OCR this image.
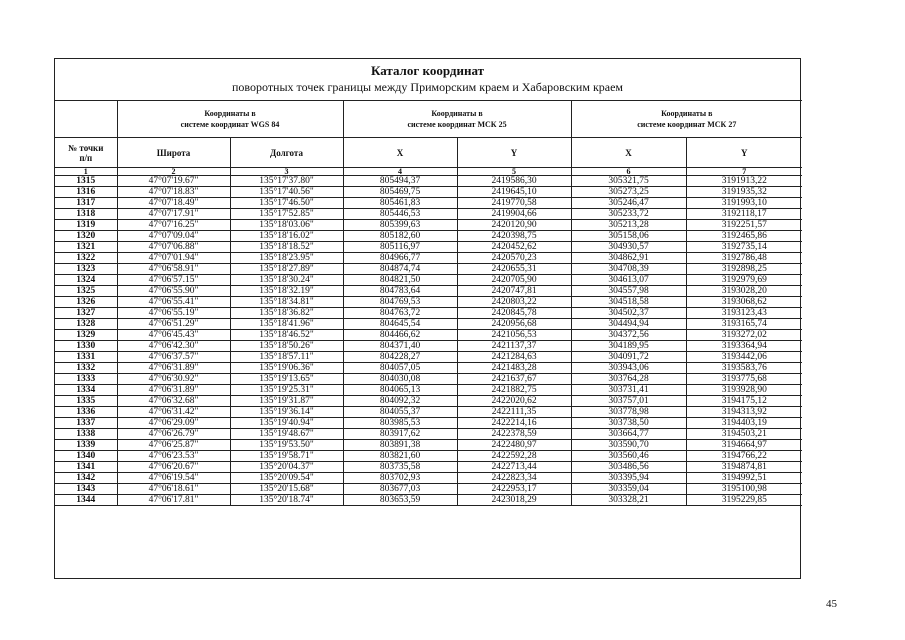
Каталог координат
поворотных точек границы между Приморским краем и Хабаровским краем
	Координаты в
системе координат WGS 84		Координаты в
системе координат МСК 25		Координаты в
системе координат МСК 27	
№ точки
п/п	Широта	Долгота	X	Y	X	Y
1	2	3	4	5	6	7
1315	47°07'19.67"	135°17'37.80"	805494,37	2419586,30	305321,75	3191913,22
1316	47°07'18.83"	135°17'40.56"	805469,75	2419645,10	305273,25	3191935,32
1317	47°07'18.49"	135°17'46.50"	805461,83	2419770,58	305246,47	3191993,10
1318	47°07'17.91"	135°17'52.85"	805446,53	2419904,66	305233,72	3192118,17
1319	47°07'16.25"	135°18'03.06"	805399,63	2420120,90	305213,28	3192251,57
1320	47°07'09.04"	135°18'16.02"	805182,60	2420398,75	305158,06	3192465,86
1321	47°07'06.88"	135°18'18.52"	805116,97	2420452,62	304930,57	3192735,14
1322	47°07'01.94"	135°18'23.95"	804966,77	2420570,23	304862,91	3192786,48
1323	47°06'58.91"	135°18'27.89"	804874,74	2420655,31	304708,39	3192898,25
1324	47°06'57.15"	135°18'30.24"	804821,50	2420705,90	304613,07	3192979,69
1325	47°06'55.90"	135°18'32.19"	804783,64	2420747,81	304557,98	3193028,20
1326	47°06'55.41"	135°18'34.81"	804769,53	2420803,22	304518,58	3193068,62
1327	47°06'55.19"	135°18'36.82"	804763,72	2420845,78	304502,37	3193123,43
1328	47°06'51.29"	135°18'41.96"	804645,54	2420956,68	304494,94	3193165,74
1329	47°06'45.43"	135°18'46.52"	804466,62	2421056,53	304372,56	3193272,02
1330	47°06'42.30"	135°18'50.26"	804371,40	2421137,37	304189,95	3193364,94
1331	47°06'37.57"	135°18'57.11"	804228,27	2421284,63	304091,72	3193442,06
1332	47°06'31.89"	135°19'06.36"	804057,05	2421483,28	303943,06	3193583,76
1333	47°06'30.92"	135°19'13.65"	804030,08	2421637,67	303764,28	3193775,68
1334	47°06'31.89"	135°19'25.31"	804065,13	2421882,75	303731,41	3193928,90
1335	47°06'32.68"	135°19'31.87"	804092,32	2422020,62	303757,01	3194175,12
1336	47°06'31.42"	135°19'36.14"	804055,37	2422111,35	303778,98	3194313,92
1337	47°06'29.09"	135°19'40.94"	803985,53	2422214,16	303738,50	3194403,19
1338	47°06'26.79"	135°19'48.67"	803917,62	2422378,59	303664,77	3194503,21
1339	47°06'25.87"	135°19'53.50"	803891,38	2422480,97	303590,70	3194664,97
1340	47°06'23.53"	135°19'58.71"	803821,60	2422592,28	303560,46	3194766,22
1341	47°06'20.67"	135°20'04.37"	803735,58	2422713,44	303486,56	3194874,81
1342	47°06'19.54"	135°20'09.54"	803702,93	2422823,34	303395,94	3194992,51
1343	47°06'18.61"	135°20'15.68"	803677,03	2422953,17	303359,04	3195100,98
1344	47°06'17.81"	135°20'18.74"	803653,59	2423018,29	303328,21	3195229,85
45
